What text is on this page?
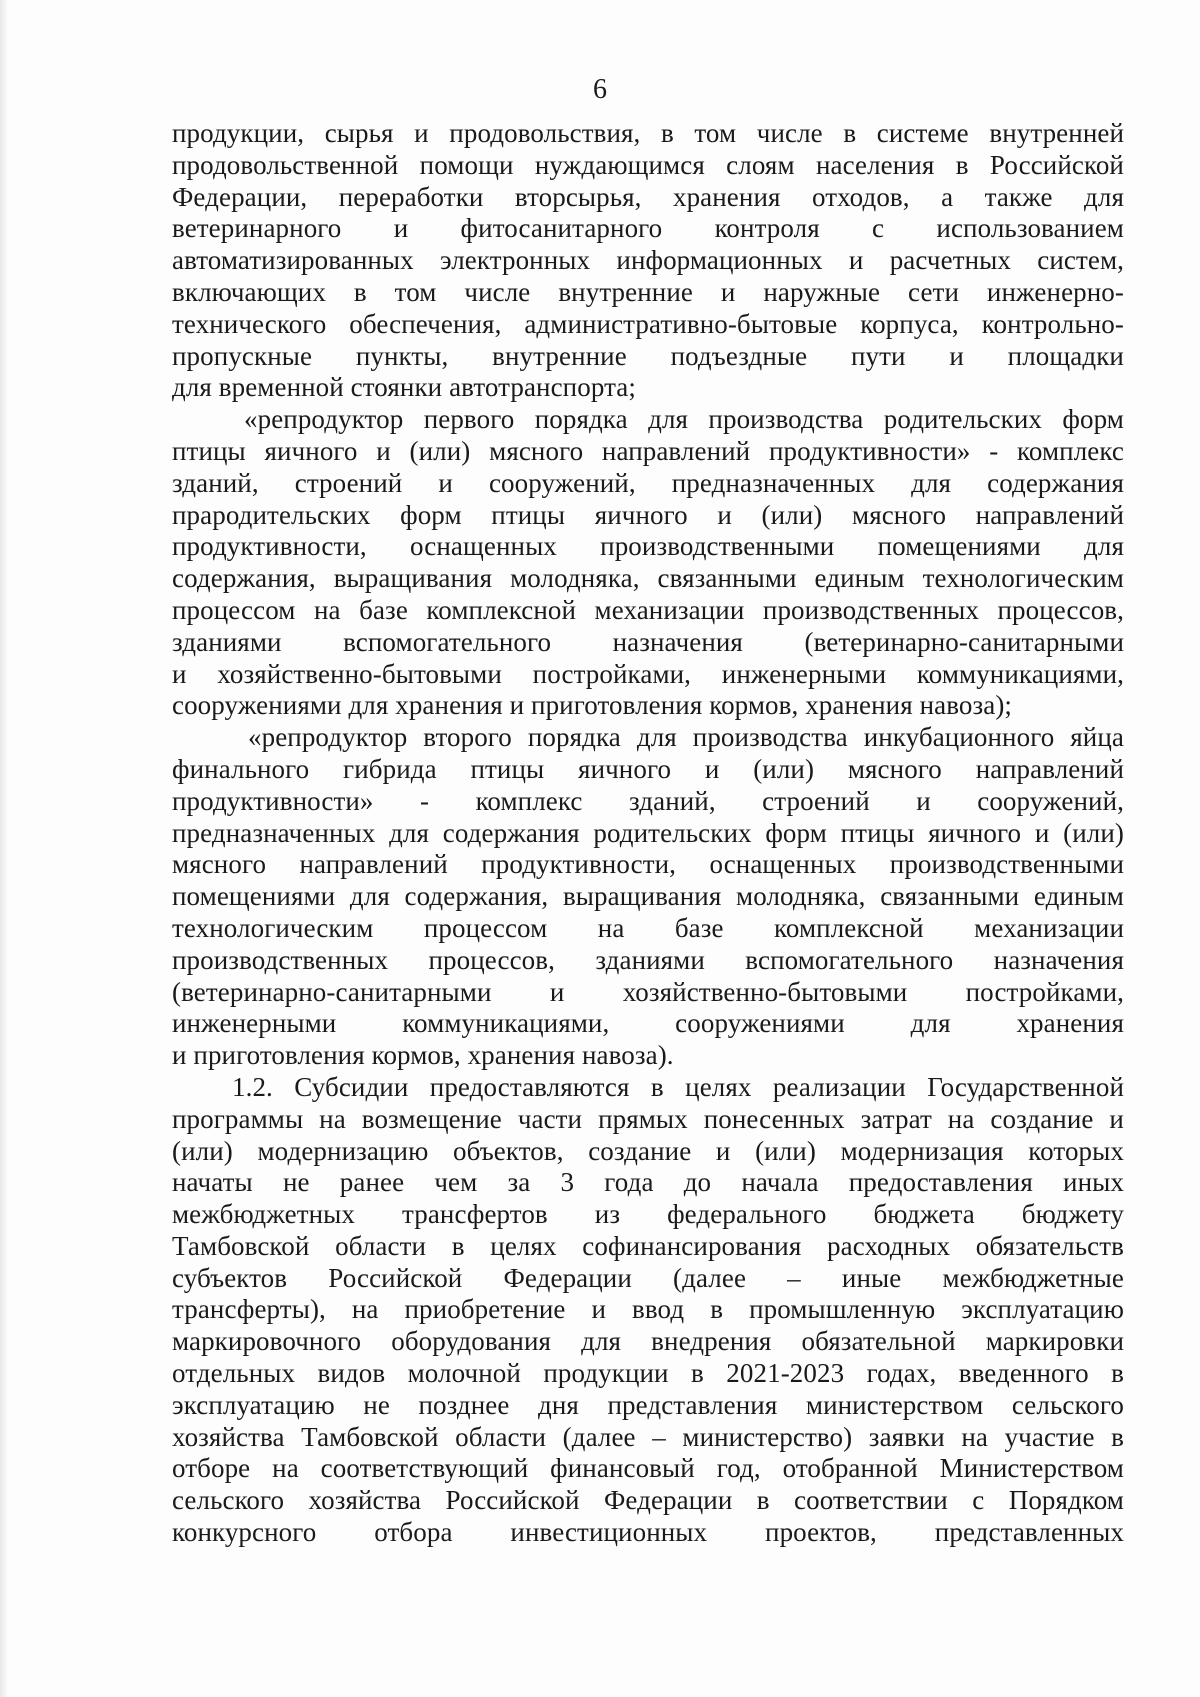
6
продукции, сырья и продовольствия, в том числе в системе внутренней
продовольственной помощи нуждающимся слоям населения в Российской
Федерации, переработки вторсырья, хранения отходов, а также для
ветеринарного и фитосанитарного контроля с использованием
автоматизированных электронных информационных и расчетных систем,
включающих в том числе внутренние и наружные сети инженерно-
технического обеспечения, административно-бытовые корпуса, контрольно-
пропускные пункты, внутренние подъездные пути и площадки
для временной стоянки автотранспорта;
«репродуктор первого порядка для производства родительских форм
птицы яичного и (или) мясного направлений продуктивности» - комплекс
зданий, строений и сооружений, предназначенных для содержания
прародительских форм птицы яичного и (или) мясного направлений
продуктивности, оснащенных производственными помещениями для
содержания, выращивания молодняка, связанными единым технологическим
процессом на базе комплексной механизации производственных процессов,
зданиями вспомогательного назначения (ветеринарно-санитарными
и хозяйственно-бытовыми постройками, инженерными коммуникациями,
сооружениями для хранения и приготовления кормов, хранения навоза);
«репродуктор второго порядка для производства инкубационного яйца
финального гибрида птицы яичного и (или) мясного направлений
продуктивности» - комплекс зданий, строений и сооружений,
предназначенных для содержания родительских форм птицы яичного и (или)
мясного направлений продуктивности, оснащенных производственными
помещениями для содержания, выращивания молодняка, связанными единым
технологическим процессом на базе комплексной механизации
производственных процессов, зданиями вспомогательного назначения
(ветеринарно-санитарными и хозяйственно-бытовыми постройками,
инженерными коммуникациями, сооружениями для хранения
и приготовления кормов, хранения навоза).
1.2. Субсидии предоставляются в целях реализации Государственной
программы на возмещение части прямых понесенных затрат на создание и
(или) модернизацию объектов, создание и (или) модернизация которых
начаты не ранее чем за 3 года до начала предоставления иных
межбюджетных трансфертов из федерального бюджета бюджету
Тамбовской области в целях софинансирования расходных обязательств
субъектов Российской Федерации (далее – иные межбюджетные
трансферты), на приобретение и ввод в промышленную эксплуатацию
маркировочного оборудования для внедрения обязательной маркировки
отдельных видов молочной продукции в 2021-2023 годах, введенного в
эксплуатацию не позднее дня представления министерством сельского
хозяйства Тамбовской области (далее – министерство) заявки на участие в
отборе на соответствующий финансовый год, отобранной Министерством
сельского хозяйства Российской Федерации в соответствии с Порядком
конкурсного отбора инвестиционных проектов, представленных
